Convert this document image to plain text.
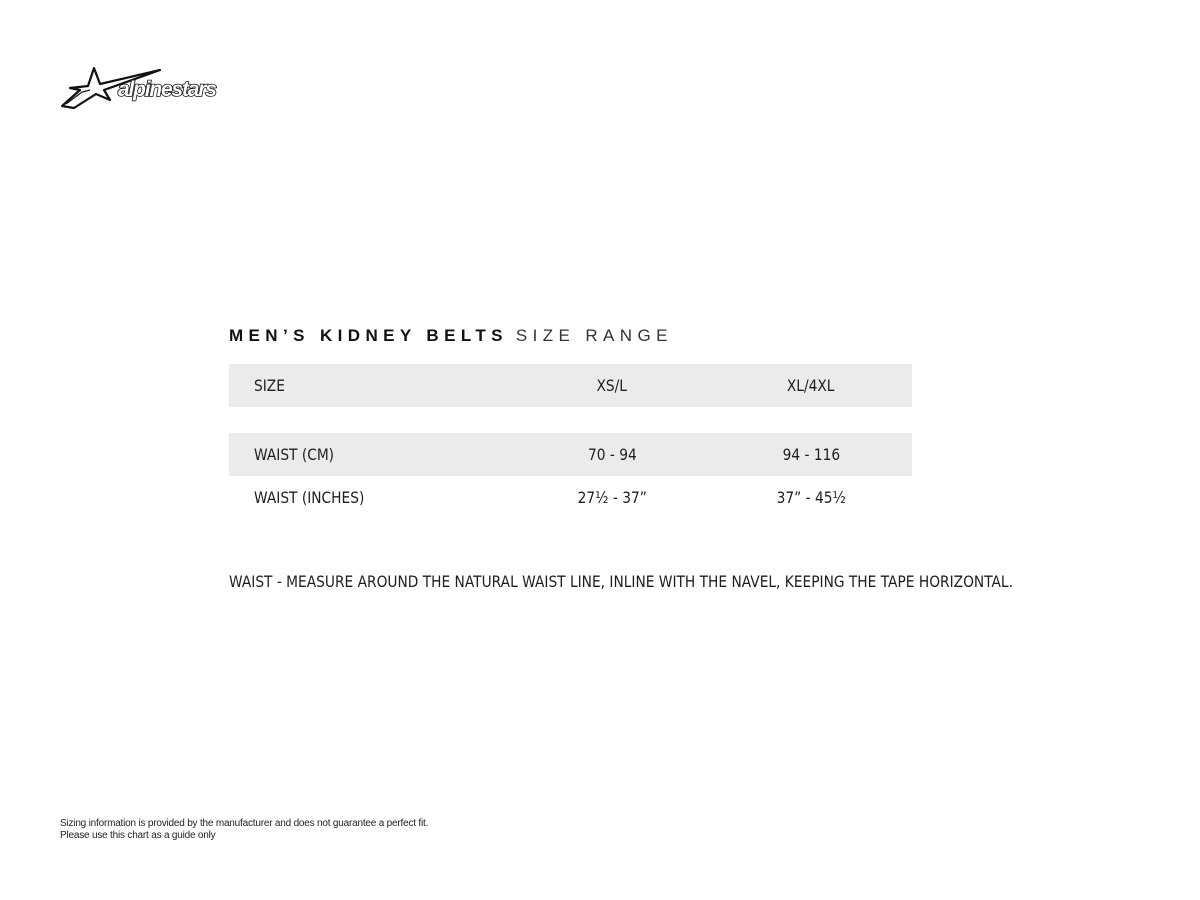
alpinestars
MEN’S KIDNEY BELTS SIZE RANGE
SIZE	XS/L	XL/4XL
WAIST (CM)	70 - 94	94 - 116
WAIST (INCHES)	27½ - 37”	37” - 45½
WAIST - MEASURE AROUND THE NATURAL WAIST LINE, INLINE WITH THE NAVEL, KEEPING THE TAPE HORIZONTAL.
Sizing information is provided by the manufacturer and does not guarantee a perfect fit.
Please use this chart as a guide only
